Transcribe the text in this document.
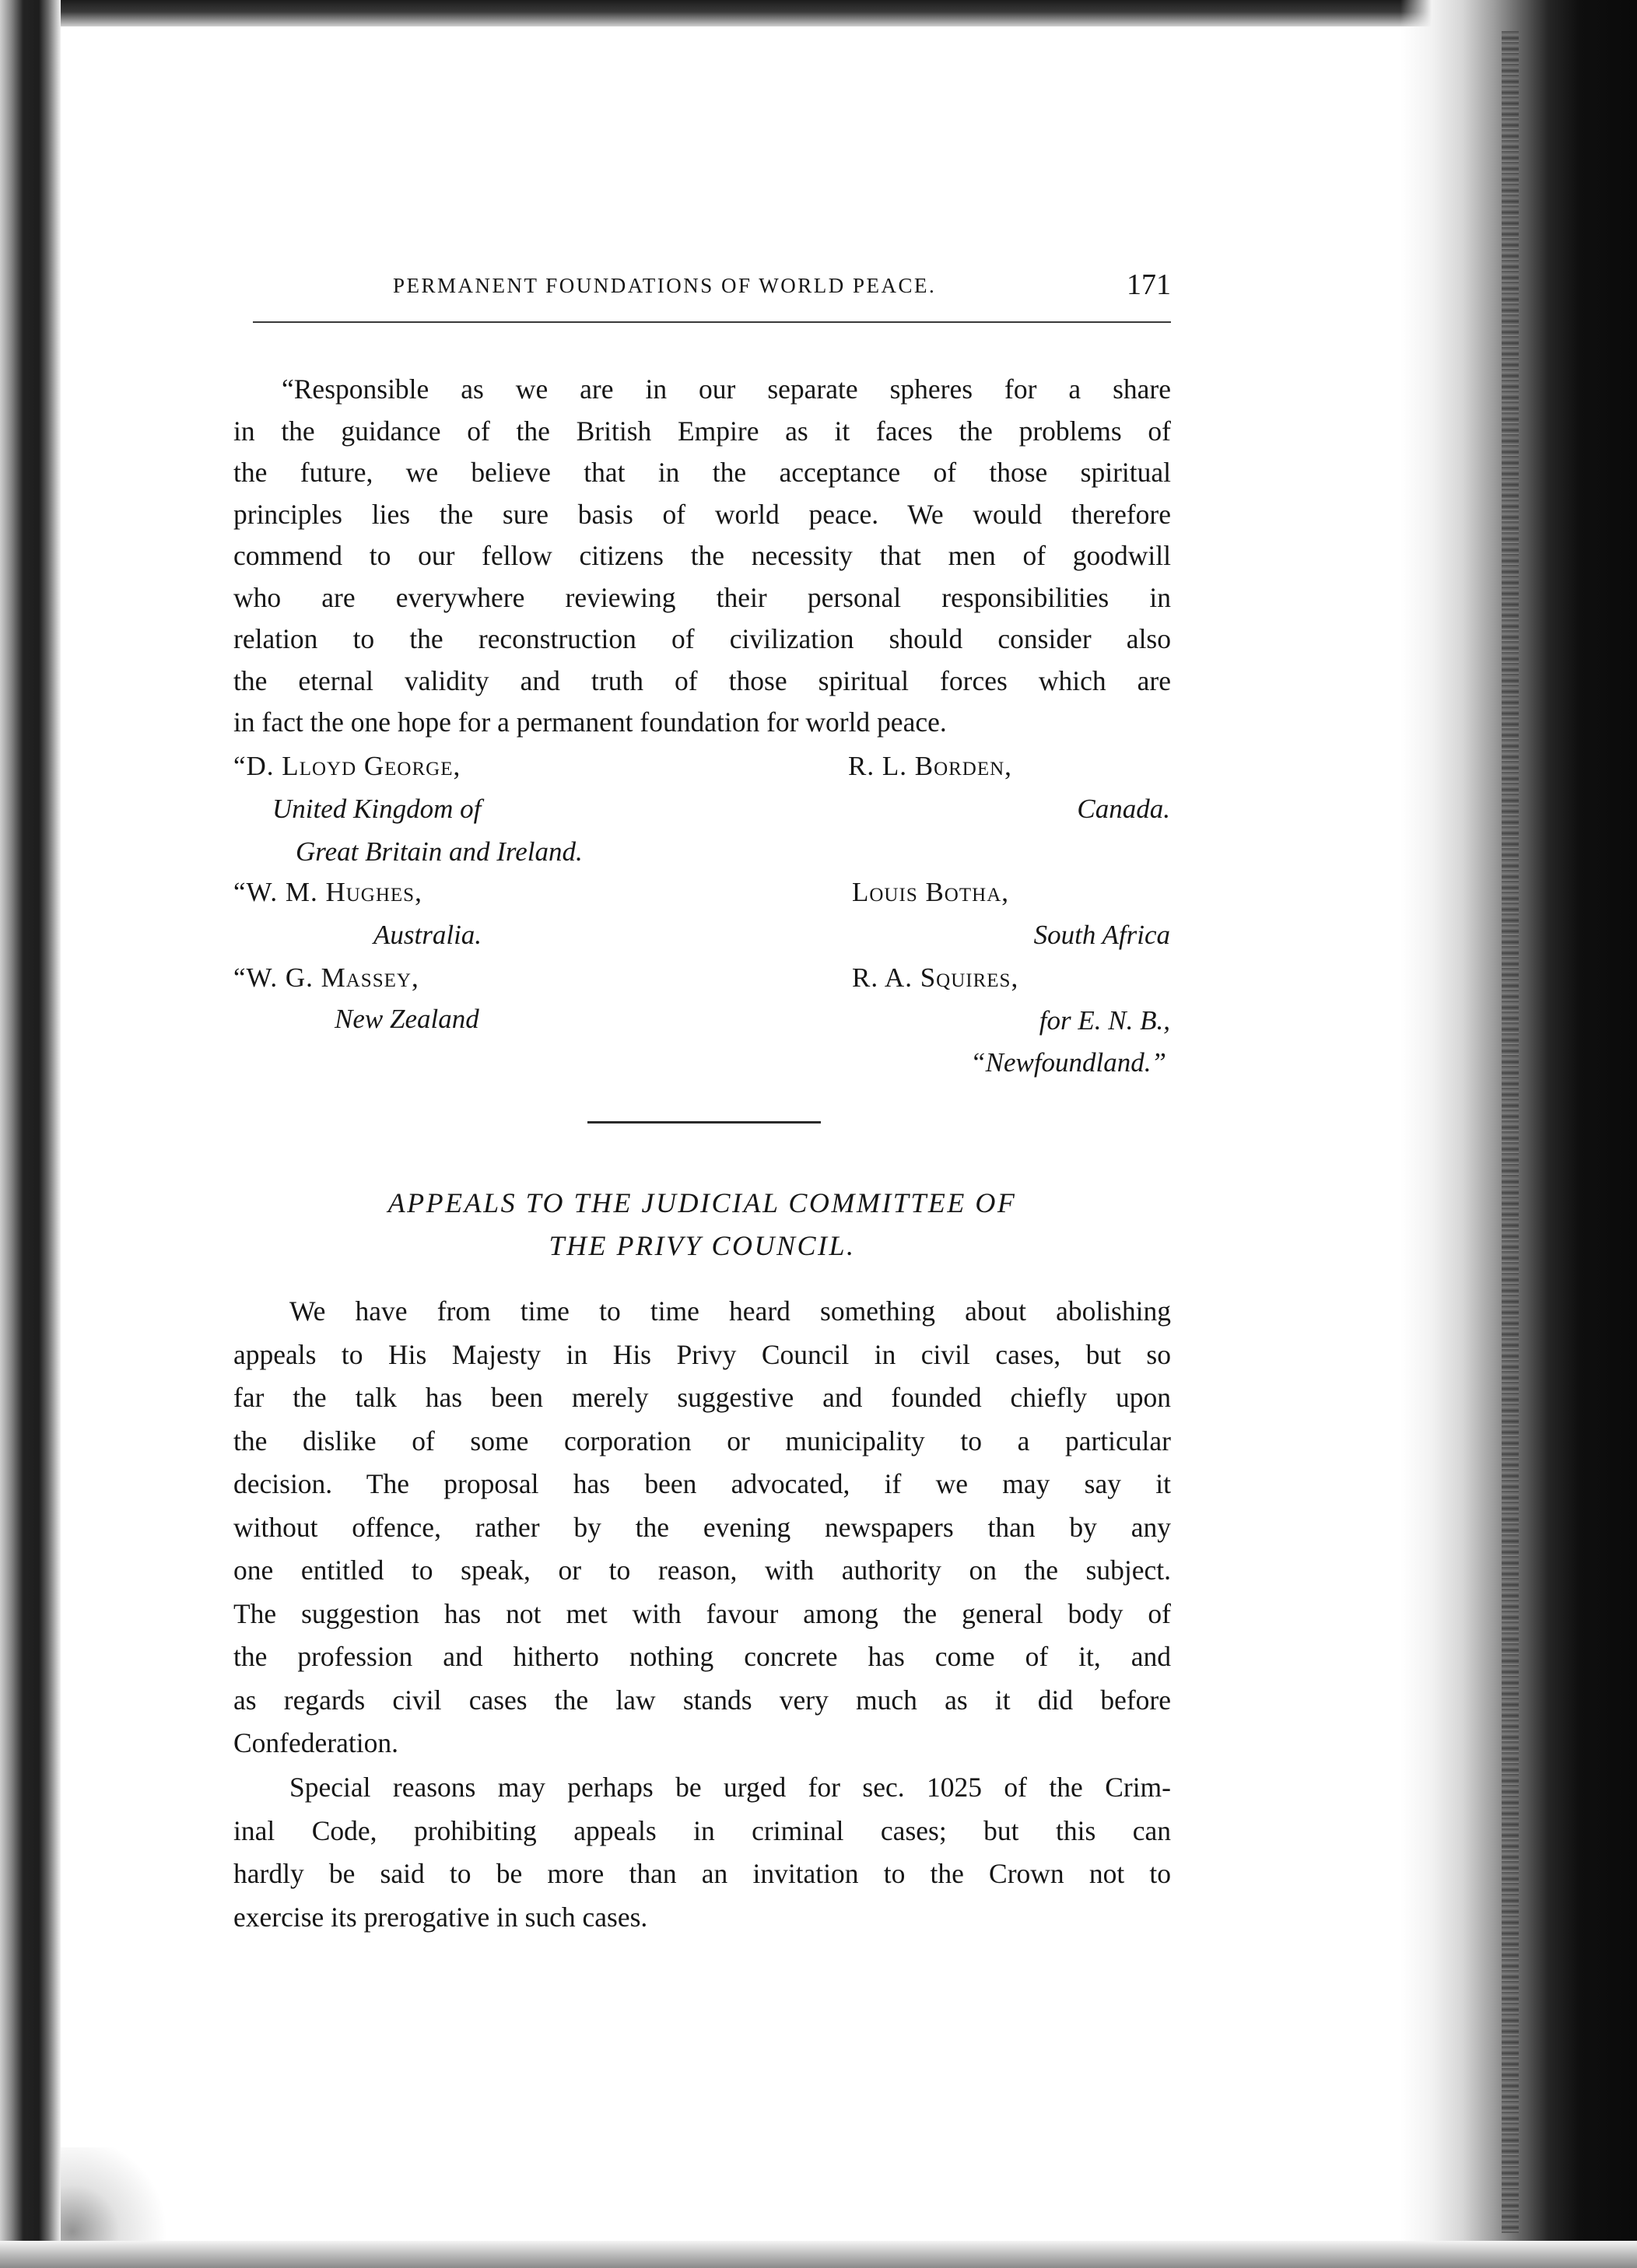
PERMANENT FOUNDATIONS OF WORLD PEACE.	171

“Responsible as we are in our separate spheres for a share

in the guidance of the British Empire as it faces the problems of

the future, we believe that in the acceptance of those spiritual

principles lies the sure basis of world peace. We would therefore

commend to our fellow citizens the necessity that men of goodwill

who are everywhere reviewing their personal responsibilities in

relation to the reconstruction of civilization should consider also

the eternal validity and truth of those spiritual forces which are

in fact the one hope for a permanent foundation for world peace.

“D. Lloyd George,
United Kingdom of
Great Britain and Ireland.
R. L. Borden,
Canada.
“W. M. Hughes,
Australia.
Louis Botha,
South Africa
“W. G. Massey,
New Zealand
R. A. Squires,
for E. N. B.,
“Newfoundland.”
APPEALS TO THE JUDICIAL COMMITTEE OF
THE PRIVY COUNCIL.
We have from time to time heard something about abolishing
appeals to His Majesty in His Privy Council in civil cases, but so
far the talk has been merely suggestive and founded chiefly upon
the dislike of some corporation or municipality to a particular
decision. The proposal has been advocated, if we may say it
without offence, rather by the evening newspapers than by any
one entitled to speak, or to reason, with authority on the subject.
The suggestion has not met with favour among the general body of
the profession and hitherto nothing concrete has come of it, and
as regards civil cases the law stands very much as it did before
Confederation.
Special reasons may perhaps be urged for sec. 1025 of the Crim-
inal Code, prohibiting appeals in criminal cases; but this can
hardly be said to be more than an invitation to the Crown not to
exercise its prerogative in such cases.
